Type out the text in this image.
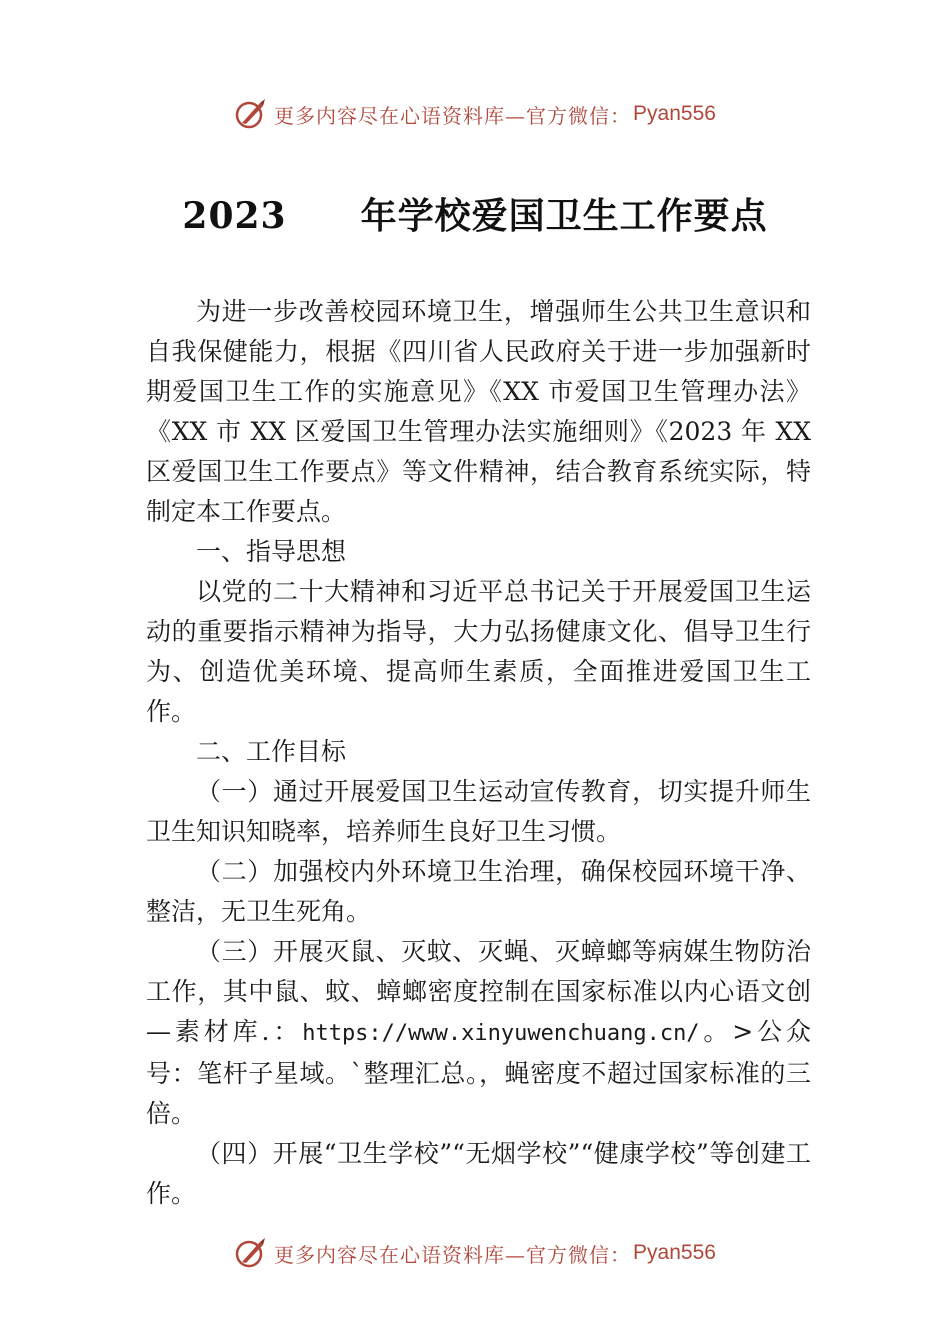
更多内容尽在心语资料库—官方微信： Pyan556
2023　　年学校爱国卫生工作要点

为进一步改善校园环境卫生，增强师生公共卫生意识和自我保健能力，根据《四川省人民政府关于进一步加强新时期爱国卫生工作的实施意见》《XX 市爱国卫生管理办法》《XX 市 XX 区爱国卫生管理办法实施细则》《2023 年 XX 区爱国卫生工作要点》等文件精神，结合教育系统实际，特制定本工作要点。

一、指导思想

以党的二十大精神和习近平总书记关于开展爱国卫生运动的重要指示精神为指导，大力弘扬健康文化、倡导卫生行为、创造优美环境、提高师生素质，全面推进爱国卫生工作。

二、工作目标

（一）通过开展爱国卫生运动宣传教育，切实提升师生卫生知识知晓率，培养师生良好卫生习惯。

（二）加强校内外环境卫生治理，确保校园环境干净、整洁，无卫生死角。

（三）开展灭鼠、灭蚊、灭蝇、灭蟑螂等病媒生物防治工作，其中鼠、蚊、蟑螂密度控制在国家标准以内心语文创—素材库.：https://www.xinyuwenchuang.cn/。>公众号：笔杆子星域。`整理汇总。，蝇密度不超过国家标准的三倍。

（四）开展“卫生学校”“无烟学校”“健康学校”等创建工作。

更多内容尽在心语资料库—官方微信： Pyan556
